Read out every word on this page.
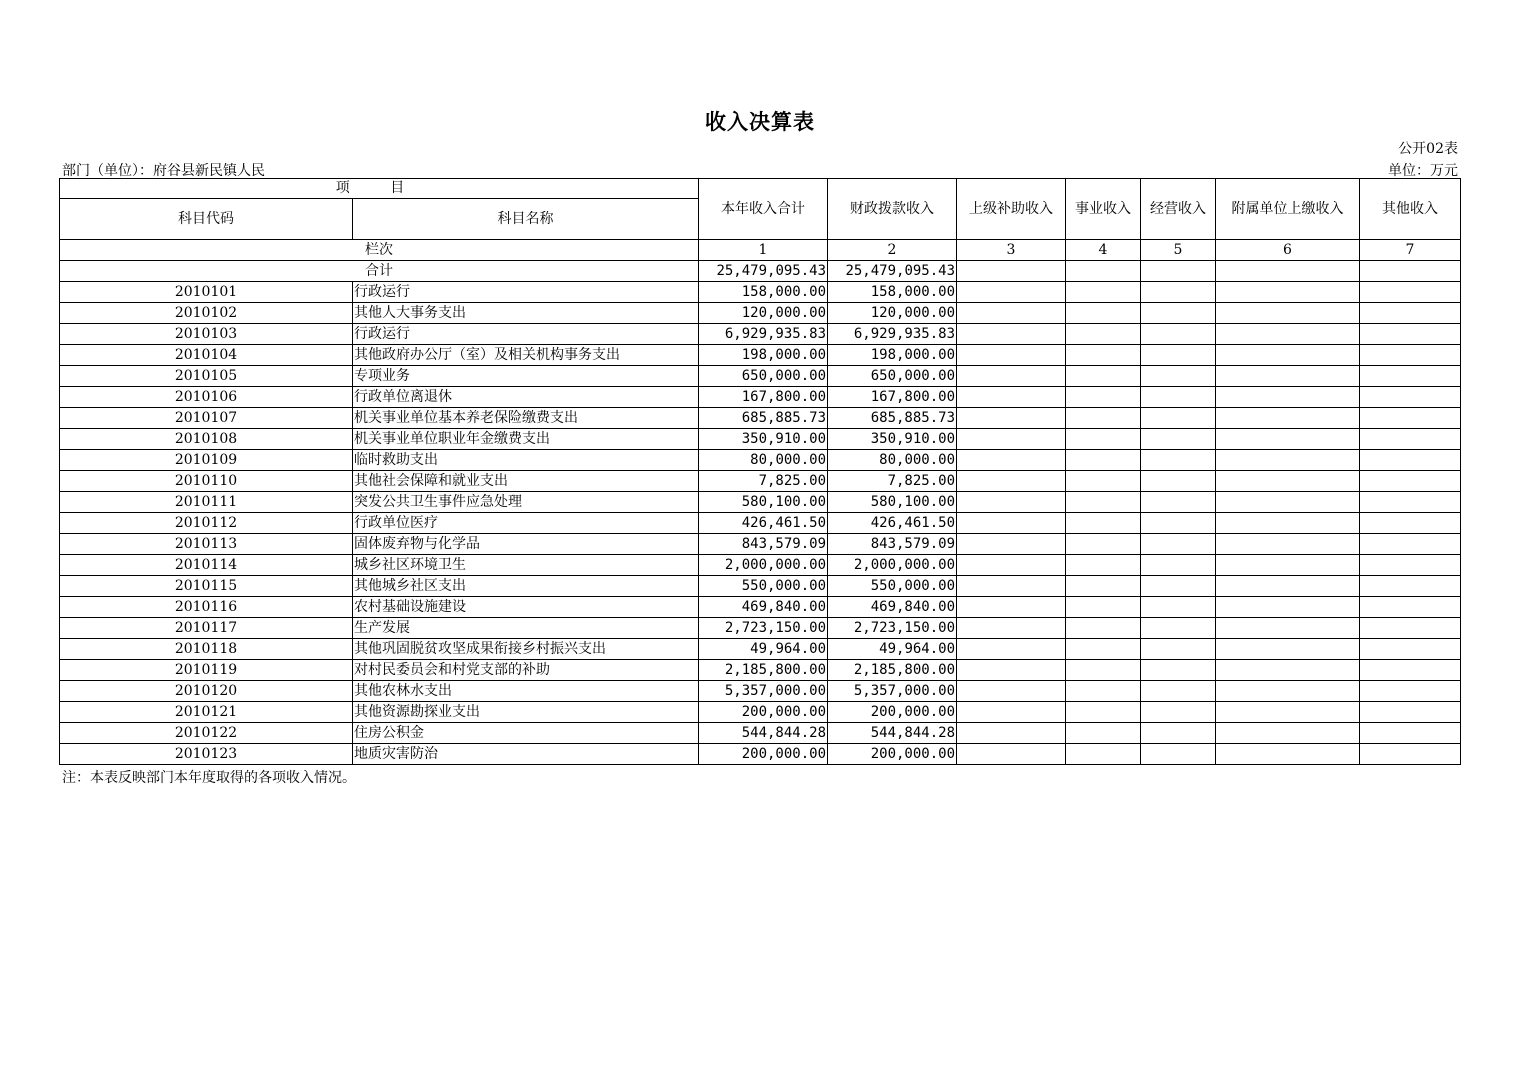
收入决算表
公开02表
部门（单位）：府谷县新民镇人民	单位：万元
项 目		本年收入合计	财政拨款收入	上级补助收入	事业收入	经营收入	附属单位上缴收入	其他收入
科目代码	科目名称							
栏次		1	2	3	4	5	6	7
合计		25,479,095.43	25,479,095.43					
2010101	行政运行	158,000.00	158,000.00					
2010102	其他人大事务支出	120,000.00	120,000.00					
2010103	行政运行	6,929,935.83	6,929,935.83					
2010104	其他政府办公厅（室）及相关机构事务支出	198,000.00	198,000.00					
2010105	专项业务	650,000.00	650,000.00					
2010106	行政单位离退休	167,800.00	167,800.00					
2010107	机关事业单位基本养老保险缴费支出	685,885.73	685,885.73					
2010108	机关事业单位职业年金缴费支出	350,910.00	350,910.00					
2010109	临时救助支出	80,000.00	80,000.00					
2010110	其他社会保障和就业支出	7,825.00	7,825.00					
2010111	突发公共卫生事件应急处理	580,100.00	580,100.00					
2010112	行政单位医疗	426,461.50	426,461.50					
2010113	固体废弃物与化学品	843,579.09	843,579.09					
2010114	城乡社区环境卫生	2,000,000.00	2,000,000.00					
2010115	其他城乡社区支出	550,000.00	550,000.00					
2010116	农村基础设施建设	469,840.00	469,840.00					
2010117	生产发展	2,723,150.00	2,723,150.00					
2010118	其他巩固脱贫攻坚成果衔接乡村振兴支出	49,964.00	49,964.00					
2010119	对村民委员会和村党支部的补助	2,185,800.00	2,185,800.00					
2010120	其他农林水支出	5,357,000.00	5,357,000.00					
2010121	其他资源勘探业支出	200,000.00	200,000.00					
2010122	住房公积金	544,844.28	544,844.28					
2010123	地质灾害防治	200,000.00	200,000.00					
注：本表反映部门本年度取得的各项收入情况。
